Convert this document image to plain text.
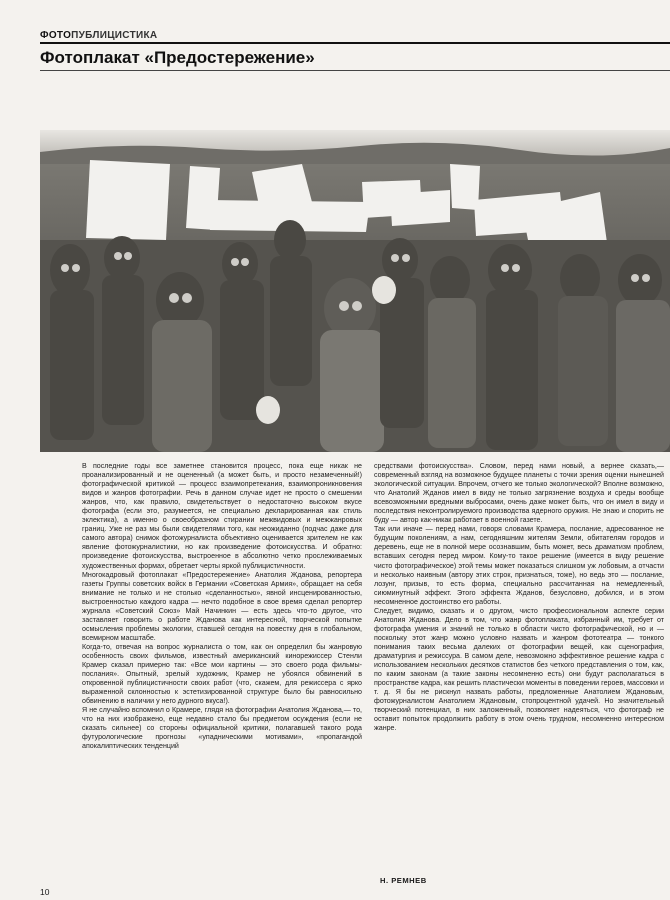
ФОТОПУБЛИЦИСТИКА
Фотоплакат «Предостережение»

В последние годы все заметнее становится процесс, пока еще никак не проанализированный и не оцененный (а может быть, и просто незамеченный!) фотографической критикой — процесс взаимопретекания, взаимопроникновения видов и жанров фотографии. Речь в данном случае идет не просто о смешении жанров, что, как правило, свидетельствует о недостаточно высоком вкусе фотографа (если это, разумеется, не специально декларированная как стиль эклектика), а именно о своеобразном стирании межвидовых и межжанровых границ. Уже не раз мы были свидетелями того, как неожиданно (подчас даже для самого автора) снимок фотожурналиста объективно оценивается зрителем не как явление фотожурналистики, но как произведение фотоискусства. И обратно: произведение фотоискусства, выстроенное в абсолютно четко прослеживаемых художественных формах, обретает черты яркой публицистичности.

Многокадровый фотоплакат «Предостережение» Анатолия Жданова, репортера газеты Группы советских войск в Германии «Советская Армия», обращает на себя внимание не только и не столько «сделанностью», явной инсценированностью, выстроенностью каждого кадра — нечто подобное в свое время сделал репортер журнала «Советский Союз» Май Начинкин — есть здесь что-то другое, что заставляет говорить о работе Жданова как интересной, творческой попытке осмысления проблемы экологии, ставшей сегодня на повестку дня в глобальном, всемирном масштабе.

Когда-то, отвечая на вопрос журналиста о том, как он определил бы жанровую особенность своих фильмов, известный американский кинорежиссер Стенли Крамер сказал примерно так: «Все мои картины — это своего рода фильмы-послания». Опытный, зрелый художник, Крамер не убоялся обвинений в откровенной публицистичности своих работ (что, скажем, для режиссера с ярко выраженной склонностью к эстетизированной структуре было бы равносильно обвинению в наличии у него дурного вкуса!).

Я не случайно вспомнил о Крамере, глядя на фотографии Анатолия Жданова,— то, что на них изображено, еще недавно стало бы предметом осуждения (если не сказать сильнее) со стороны официальной критики, полагавшей такого рода футурологические прогнозы «упадническими мотивами», «пропагандой апокалиптических тенденций

средствами фотоискусства». Словом, перед нами новый, а вернее сказать,— современный взгляд на возможное будущее планеты с точки зрения оценки нынешней экологической ситуации. Впрочем, отчего же только экологической? Вполне возможно, что Анатолий Жданов имел в виду не только загрязнение воздуха и среды вообще всевозможными вредными выбросами, очень даже может быть, что он имел в виду и последствия неконтролируемого производства ядерного оружия. Не знаю и спорить не буду — автор как-никак работает в военной газете.

Так или иначе — перед нами, говоря словами Крамера, послание, адресованное не будущим поколениям, а нам, сегодняшним жителям Земли, обитателям городов и деревень, еще не в полной мере осознавшим, быть может, весь драматизм проблем, вставших сегодня перед миром. Кому-то такое решение (имеется в виду решение чисто фотографическое) этой темы может показаться слишком уж лобовым, а отчасти и несколько наивным (автору этих строк, признаться, тоже), но ведь это — послание, лозунг, призыв, то есть форма, специально рассчитанная на немедленный, сиюминутный эффект. Этого эффекта Жданов, безусловно, добился, и в этом несомненное достоинство его работы.

Следует, видимо, сказать и о другом, чисто профессиональном аспекте серии Анатолия Жданова. Дело в том, что жанр фотоплаката, избранный им, требует от фотографа умения и знаний не только в области чисто фотографической, но и — поскольку этот жанр можно условно назвать и жанром фототеатра — тонкого понимания таких весьма далеких от фотографии вещей, как сценография, драматургия и режиссура. В самом деле, невозможно эффективное решение кадра с использованием нескольких десятков статистов без четкого представления о том, как, по каким законам (а такие законы несомненно есть) они будут располагаться в пространстве кадра, как решить пластически моменты в поведении героев, массовки и т. д. Я бы не рискнул назвать работы, предложенные Анатолием Ждановым, фотожурналистом Анатолием Ждановым, стопроцентной удачей. Но значительный творческий потенциал, в них заложенный, позволяет надеяться, что фотограф не оставит попыток продолжить работу в этом очень трудном, несомненно интересном жанре.

Н. РЕМНЕВ
10
